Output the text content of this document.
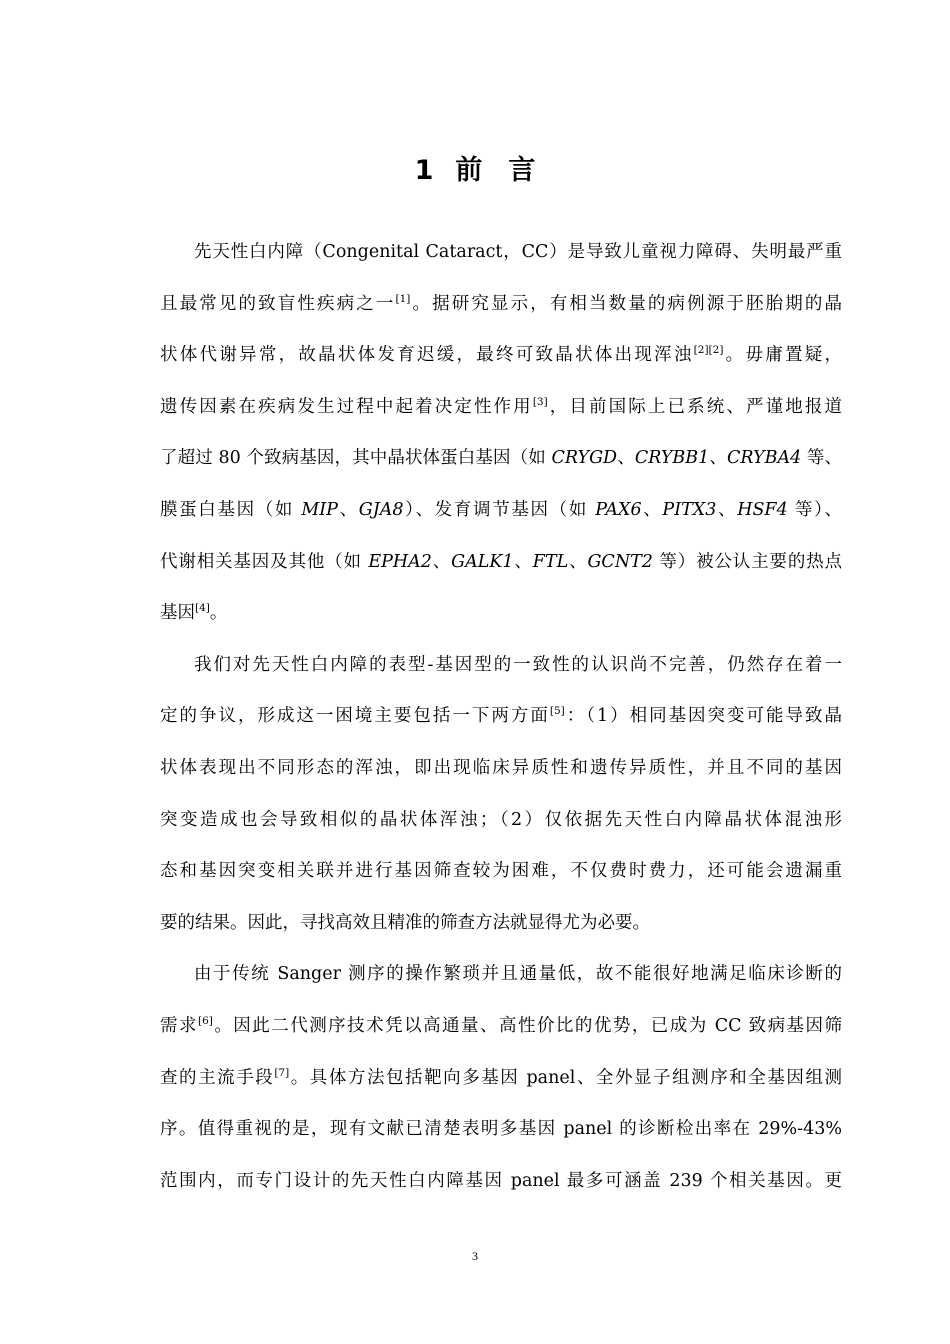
1 前 言
先天性白内障（Congenital Cataract，CC）是导致儿童视力障碍、失明最严重
且最常见的致盲性疾病之一[1]。据研究显示，有相当数量的病例源于胚胎期的晶
状体代谢异常，故晶状体发育迟缓，最终可致晶状体出现浑浊[2][2]。毋庸置疑，
遗传因素在疾病发生过程中起着决定性作用[3]，目前国际上已系统、严谨地报道
了超过 80 个致病基因，其中晶状体蛋白基因（如 CRYGD、CRYBB1、CRYBA4 等、
膜蛋白基因（如 MIP、GJA8）、发育调节基因（如 PAX6、PITX3、HSF4 等）、
代谢相关基因及其他（如 EPHA2、GALK1、FTL、GCNT2 等）被公认主要的热点
基因[4]。
我们对先天性白内障的表型-基因型的一致性的认识尚不完善，仍然存在着一
定的争议，形成这一困境主要包括一下两方面[5]：（1）相同基因突变可能导致晶
状体表现出不同形态的浑浊，即出现临床异质性和遗传异质性，并且不同的基因
突变造成也会导致相似的晶状体浑浊；（2）仅依据先天性白内障晶状体混浊形
态和基因突变相关联并进行基因筛查较为困难，不仅费时费力，还可能会遗漏重
要的结果。因此，寻找高效且精准的筛查方法就显得尤为必要。
由于传统 Sanger 测序的操作繁琐并且通量低，故不能很好地满足临床诊断的
需求[6]。因此二代测序技术凭以高通量、高性价比的优势，已成为 CC 致病基因筛
查的主流手段[7]。具体方法包括靶向多基因 panel、全外显子组测序和全基因组测
序。值得重视的是，现有文献已清楚表明多基因 panel 的诊断检出率在 29%-43%
范围内，而专门设计的先天性白内障基因 panel 最多可涵盖 239 个相关基因。更
3
